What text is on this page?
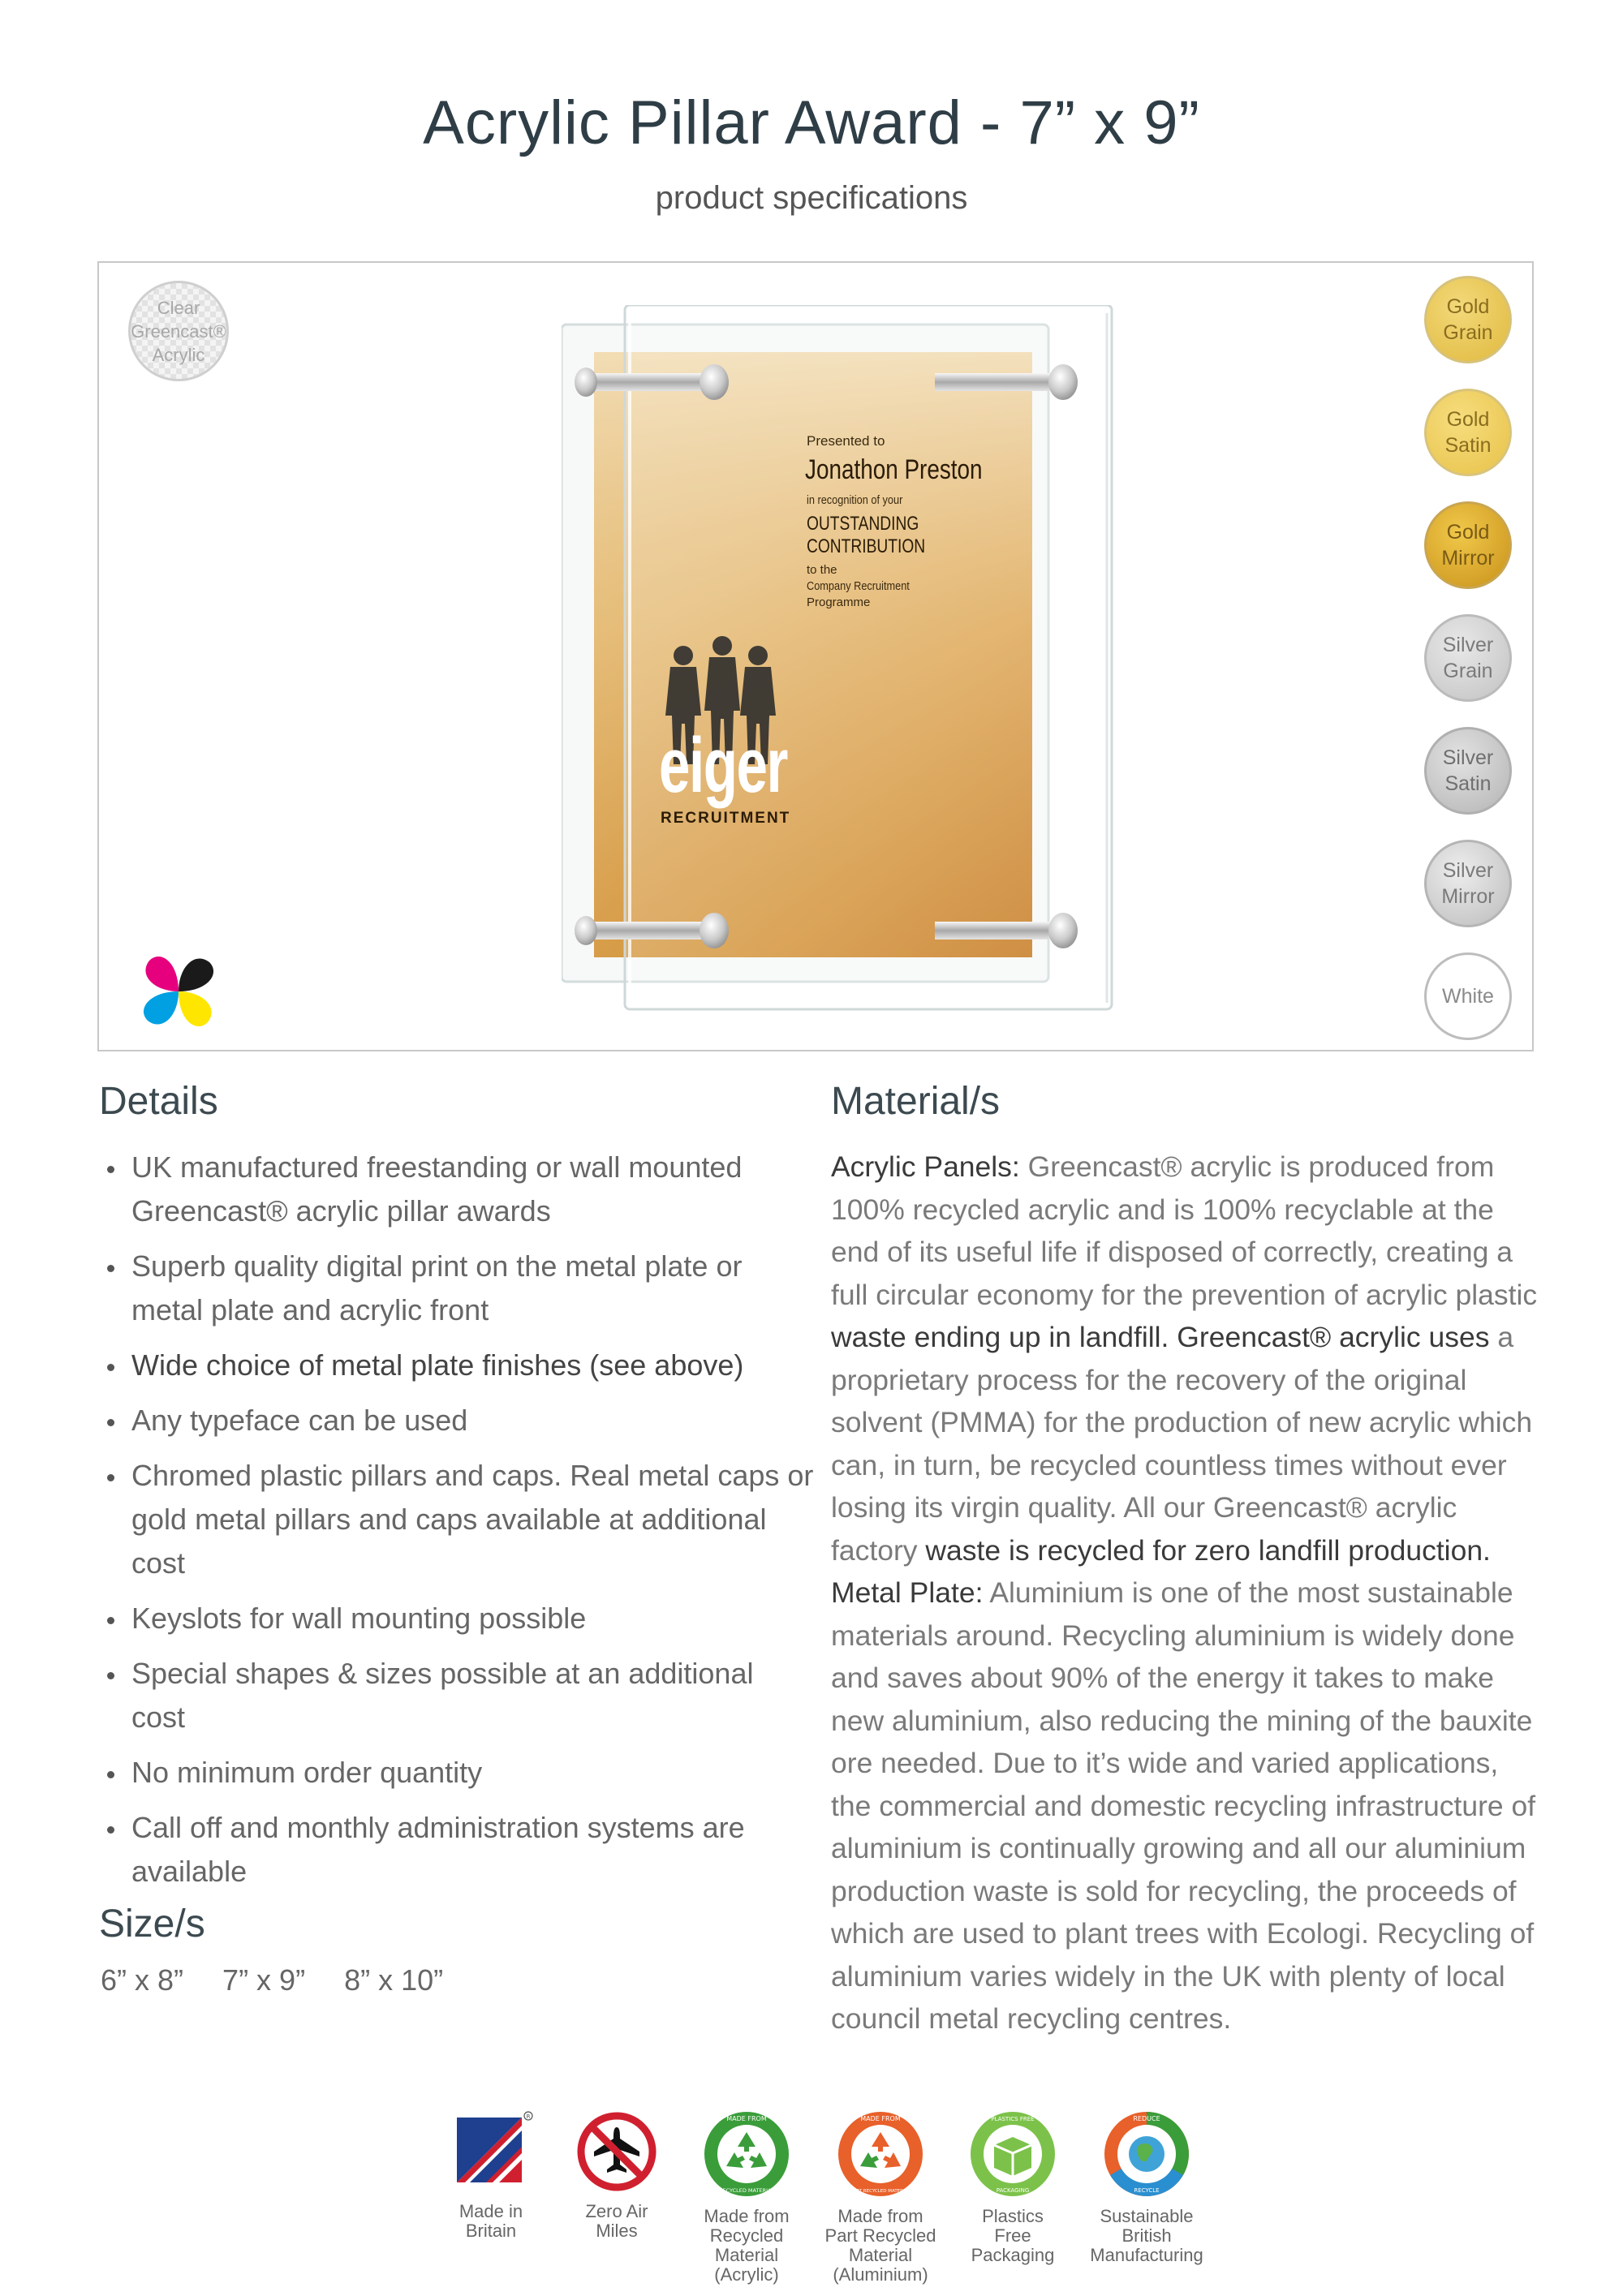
Acrylic Pillar Award - 7” x 9”
product specifications
Clear
Greencast®
Acrylic
Gold
Grain
Gold
Satin
Gold
Mirror
Silver
Grain
Silver
Satin
Silver
Mirror
White
Presented to
Jonathon Preston
in recognition of your
OUTSTANDING
CONTRIBUTION
to the
Company Recruitment
Programme
eiger
RECRUITMENT
Details
UK manufactured freestanding or wall mounted Greencast® acrylic pillar awards
Superb quality digital print on the metal plate or metal plate and acrylic front
Wide choice of metal plate finishes (see above)
Any typeface can be used
Chromed plastic pillars and caps. Real metal caps or gold metal pillars and caps available at additional cost
Keyslots for wall mounting possible
Special shapes & sizes possible at an additional cost
No minimum order quantity
Call off and monthly administration systems are available
Size/s
6” x 8” 7” x 9” 8” x 10”
Material/s
Acrylic Panels: Greencast® acrylic is produced from 100% recycled acrylic and is 100% recyclable at the end of its useful life if disposed of correctly, creating a full circular economy for the prevention of acrylic plastic waste ending up in landfill. Greencast® acrylic uses a proprietary process for the recovery of the original solvent (PMMA) for the production of new acrylic which can, in turn, be recycled countless times without ever losing its virgin quality. All our Greencast® acrylic factory waste is recycled for zero landfill production.
Metal Plate: Aluminium is one of the most sustainable materials around. Recycling aluminium is widely done and saves about 90% of the energy it takes to make new aluminium, also reducing the mining of the bauxite ore needed. Due to it’s wide and varied applications, the commercial and domestic recycling infrastructure of aluminium is continually growing and all our aluminium production waste is sold for recycling, the proceeds of which are used to plant trees with Ecologi. Recycling of aluminium varies widely in the UK with plenty of local council metal recycling centres.
R
Made in
Britain
Zero Air
Miles
MADE FROM
RECYCLED MATERIAL
Made from
Recycled
Material
(Acrylic)
MADE FROM
PART RECYCLED MATERIAL
Made from
Part Recycled
Material
(Aluminium)
PLASTICS FREE
PACKAGING
Plastics
Free
Packaging
REDUCE
RECYCLE
Sustainable
British
Manufacturing
